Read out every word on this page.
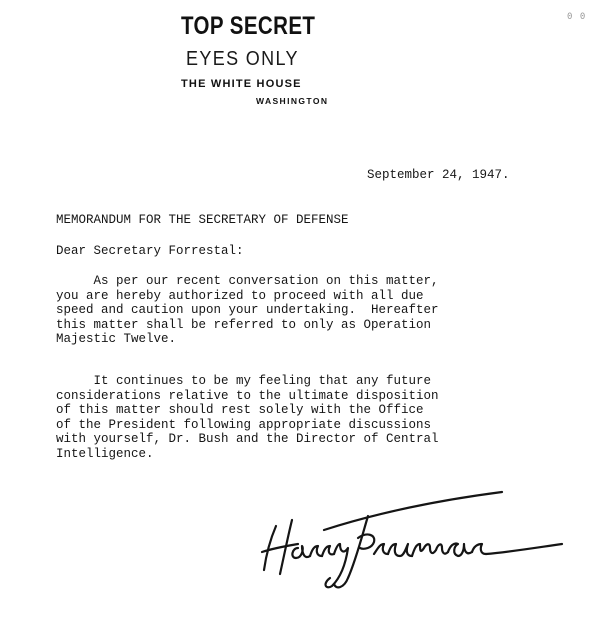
TOP SECRET
EYES ONLY
THE WHITE HOUSE
WASHINGTON
0 0
September 24, 1947.
MEMORANDUM FOR THE SECRETARY OF DEFENSE
Dear Secretary Forrestal:
As per our recent conversation on this matter,
you are hereby authorized to proceed with all due
speed and caution upon your undertaking.  Hereafter
this matter shall be referred to only as Operation
Majestic Twelve.
It continues to be my feeling that any future
considerations relative to the ultimate disposition
of this matter should rest solely with the Office
of the President following appropriate discussions
with yourself, Dr. Bush and the Director of Central
Intelligence.
